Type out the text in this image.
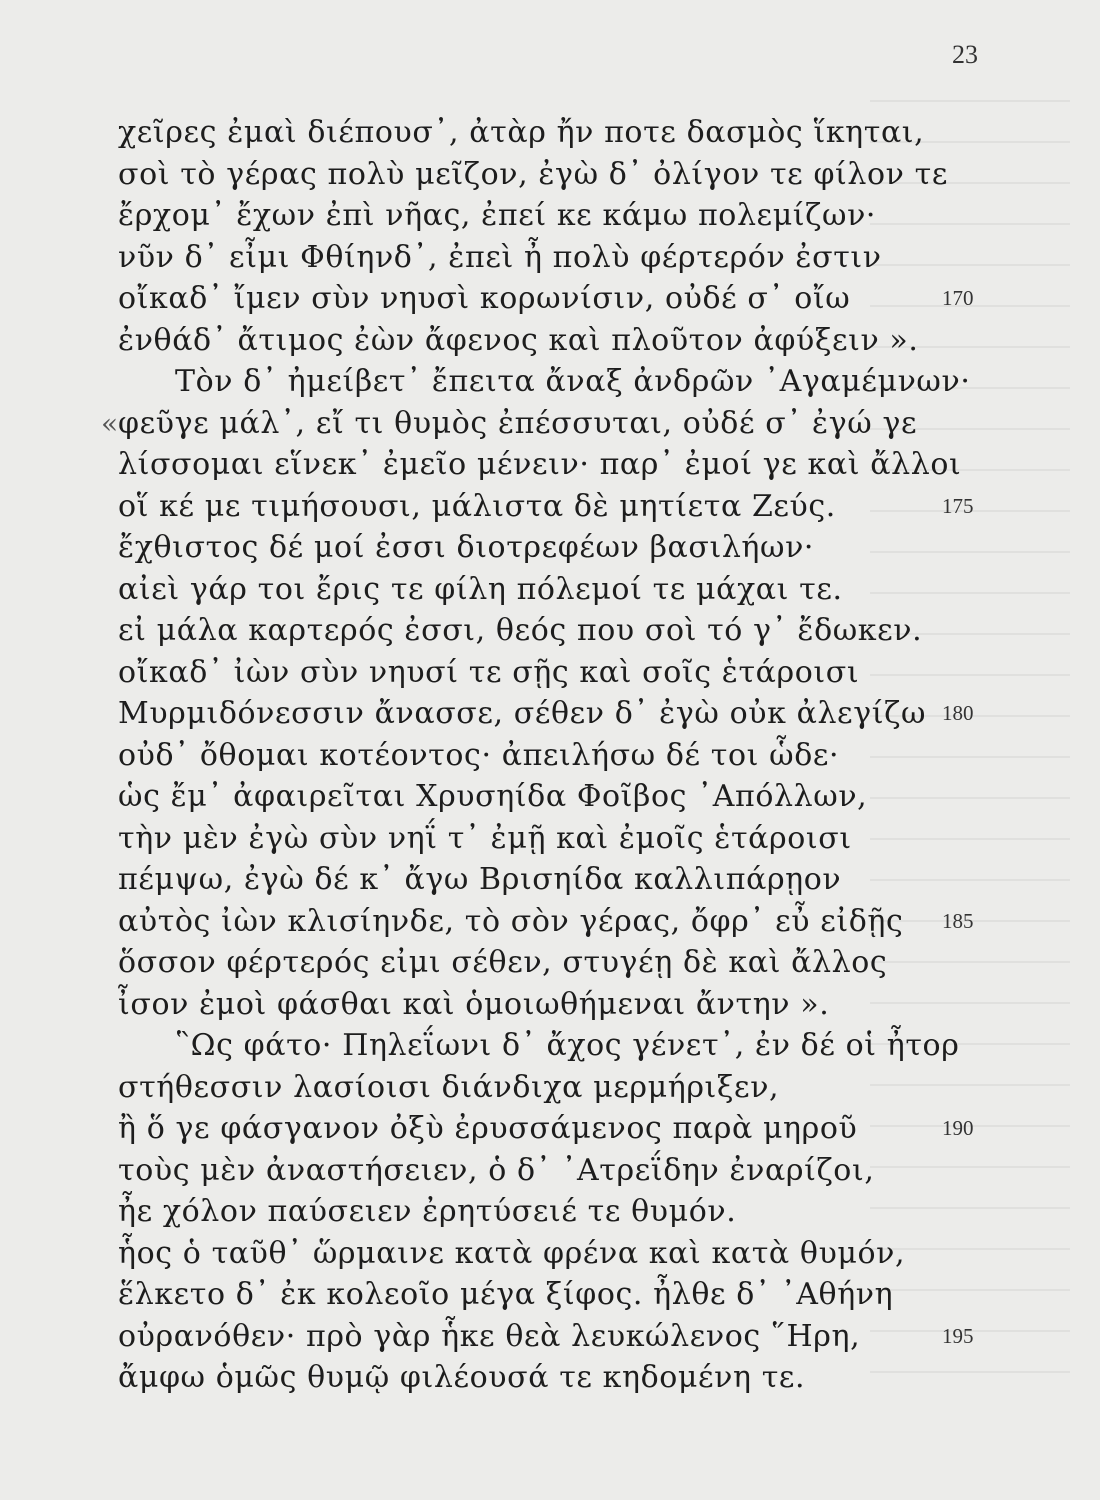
23
χεῖρες ἐμαὶ διέπουσ᾽, ἀτὰρ ἤν ποτε δασμὸς ἵκηται,
σοὶ τὸ γέρας πολὺ μεῖζον, ἐγὼ δ᾽ ὀλίγον τε φίλον τε
ἔρχομ᾽ ἔχων ἐπὶ νῆας, ἐπεί κε κάμω πολεμίζων·
νῦν δ᾽ εἶμι Φθίηνδ᾽, ἐπεὶ ἦ πολὺ φέρτερόν ἐστιν
οἴκαδ᾽ ἴμεν σὺν νηυσὶ κορωνίσιν, οὐδέ σ᾽ οἴω	170
ἐνθάδ᾽ ἄτιμος ἐὼν ἄφενος καὶ πλοῦτον ἀφύξειν ».
Τὸν δ᾽ ἠμείβετ᾽ ἔπειτα ἄναξ ἀνδρῶν ᾿Αγαμέμνων·
« φεῦγε μάλ᾽, εἴ τι θυμὸς ἐπέσσυται, οὐδέ σ᾽ ἐγώ γε
λίσσομαι εἵνεκ᾽ ἐμεῖο μένειν· παρ᾽ ἐμοί γε καὶ ἄλλοι
οἵ κέ με τιμήσουσι, μάλιστα δὲ μητίετα Ζεύς.	175
ἔχθιστος δέ μοί ἐσσι διοτρεφέων βασιλήων·
αἰεὶ γάρ τοι ἔρις τε φίλη πόλεμοί τε μάχαι τε.
εἰ μάλα καρτερός ἐσσι, θεός που σοὶ τό γ᾽ ἔδωκεν.
οἴκαδ᾽ ἰὼν σὺν νηυσί τε σῇς καὶ σοῖς ἑτάροισι
Μυρμιδόνεσσιν ἄνασσε, σέθεν δ᾽ ἐγὼ οὐκ ἀλεγίζω 180
οὐδ᾽ ὄθομαι κοτέοντος· ἀπειλήσω δέ τοι ὧδε·
ὡς ἔμ᾽ ἀφαιρεῖται Χρυσηίδα Φοῖβος ᾿Απόλλων,
τὴν μὲν ἐγὼ σὺν νηΐ τ᾽ ἐμῇ καὶ ἐμοῖς ἑτάροισι
πέμψω, ἐγὼ δέ κ᾽ ἄγω Βρισηίδα καλλιπάρῃον
αὐτὸς ἰὼν κλισίηνδε, τὸ σὸν γέρας, ὄφρ᾽ εὖ εἰδῇς 185
ὅσσον φέρτερός εἰμι σέθεν, στυγέῃ δὲ καὶ ἄλλος
ἶσον ἐμοὶ φάσθαι καὶ ὁμοιωθήμεναι ἄντην ».
῝Ως φάτο· Πηλεΐωνι δ᾽ ἄχος γένετ᾽, ἐν δέ οἱ ἦτορ
στήθεσσιν λασίοισι διάνδιχα μερμήριξεν,
ἢ ὅ γε φάσγανον ὀξὺ ἐρυσσάμενος παρὰ μηροῦ	190
τοὺς μὲν ἀναστήσειεν, ὁ δ᾽ ᾿Ατρεΐδην ἐναρίζοι,
ἦε χόλον παύσειεν ἐρητύσειέ τε θυμόν.
ἧος ὁ ταῦθ᾽ ὥρμαινε κατὰ φρένα καὶ κατὰ θυμόν,
ἕλκετο δ᾽ ἐκ κολεοῖο μέγα ξίφος. ἦλθε δ᾽ ᾿Αθήνη
οὐρανόθεν· πρὸ γὰρ ἧκε θεὰ λευκώλενος ῞Ηρη,	195
ἄμφω ὁμῶς θυμῷ φιλέουσά τε κηδομένη τε.
